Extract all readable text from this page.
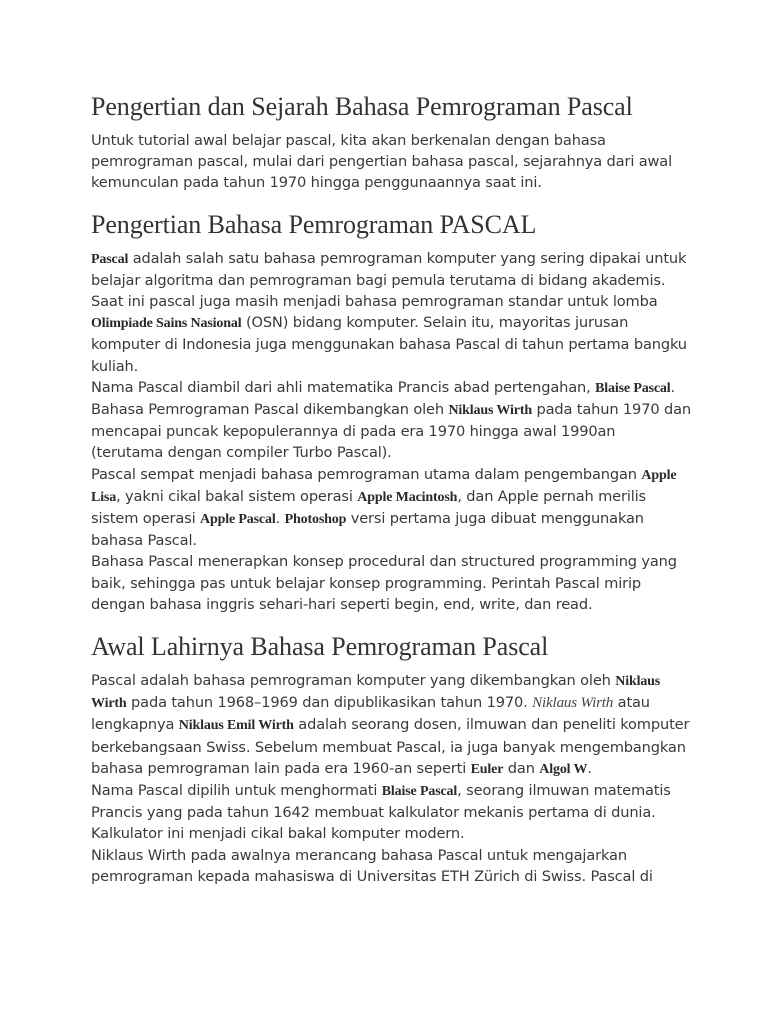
Pengertian dan Sejarah Bahasa Pemrograman Pascal

Untuk tutorial awal belajar pascal, kita akan berkenalan dengan bahasa pemrograman pascal, mulai dari pengertian bahasa pascal, sejarahnya dari awal kemunculan pada tahun 1970 hingga penggunaannya saat ini.

Pengertian Bahasa Pemrograman PASCAL

Pascal adalah salah satu bahasa pemrograman komputer yang sering dipakai untuk belajar algoritma dan pemrograman bagi pemula terutama di bidang akademis.

Saat ini pascal juga masih menjadi bahasa pemrograman standar untuk lomba Olimpiade Sains Nasional (OSN) bidang komputer. Selain itu, mayoritas jurusan komputer di Indonesia juga menggunakan bahasa Pascal di tahun pertama bangku kuliah.

Nama Pascal diambil dari ahli matematika Prancis abad pertengahan, Blaise Pascal.

Bahasa Pemrograman Pascal dikembangkan oleh Niklaus Wirth pada tahun 1970 dan mencapai puncak kepopulerannya di pada era 1970 hingga awal 1990an (terutama dengan compiler Turbo Pascal).

Pascal sempat menjadi bahasa pemrograman utama dalam pengembangan Apple Lisa, yakni cikal bakal sistem operasi Apple Macintosh, dan Apple pernah merilis sistem operasi Apple Pascal. Photoshop versi pertama juga dibuat menggunakan bahasa Pascal.

Bahasa Pascal menerapkan konsep procedural dan structured programming yang baik, sehingga pas untuk belajar konsep programming. Perintah Pascal mirip dengan bahasa inggris sehari-hari seperti begin, end, write, dan read.

Awal Lahirnya Bahasa Pemrograman Pascal

Pascal adalah bahasa pemrograman komputer yang dikembangkan oleh Niklaus Wirth pada tahun 1968–1969 dan dipublikasikan tahun 1970. Niklaus Wirth atau lengkapnya Niklaus Emil Wirth adalah seorang dosen, ilmuwan dan peneliti komputer berkebangsaan Swiss. Sebelum membuat Pascal, ia juga banyak mengembangkan bahasa pemrograman lain pada era 1960-an seperti Euler dan Algol W.

Nama Pascal dipilih untuk menghormati Blaise Pascal, seorang ilmuwan matematis Prancis yang pada tahun 1642 membuat kalkulator mekanis pertama di dunia. Kalkulator ini menjadi cikal bakal komputer modern.

Niklaus Wirth pada awalnya merancang bahasa Pascal untuk mengajarkan pemrograman kepada mahasiswa di Universitas ETH Zürich di Swiss. Pascal di
